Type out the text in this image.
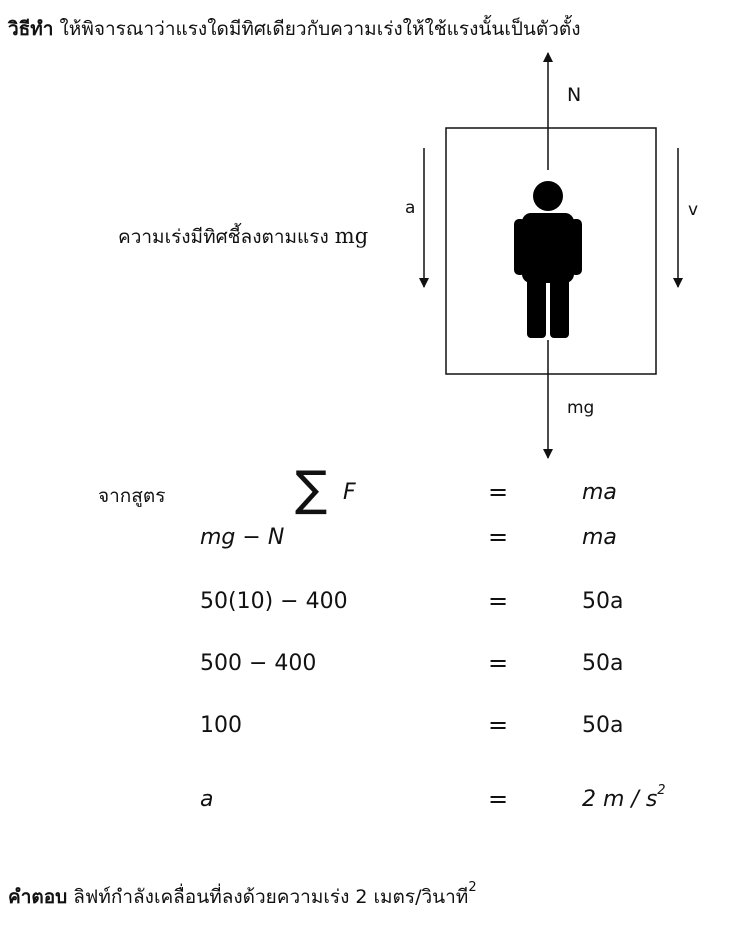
วิธีทำ ให้พิจารณาว่าแรงใดมีทิศเดียวกับความเร่งให้ใช้แรงนั้นเป็นตัวตั้ง
N
mg
v
a
ความเร่งมีทิศชี้ลงตามแรง mg
จากสูตร	∑ F	=	ma
mg − N	=	ma
50(10) − 400	=	50a
500 − 400	=	50a
100	=	50a
a	=	2 m / $s^2$
คำตอบ ลิฟท์กำลังเคลื่อนที่ลงด้วยความเร่ง 2 เมตร/วินาที$^2$
